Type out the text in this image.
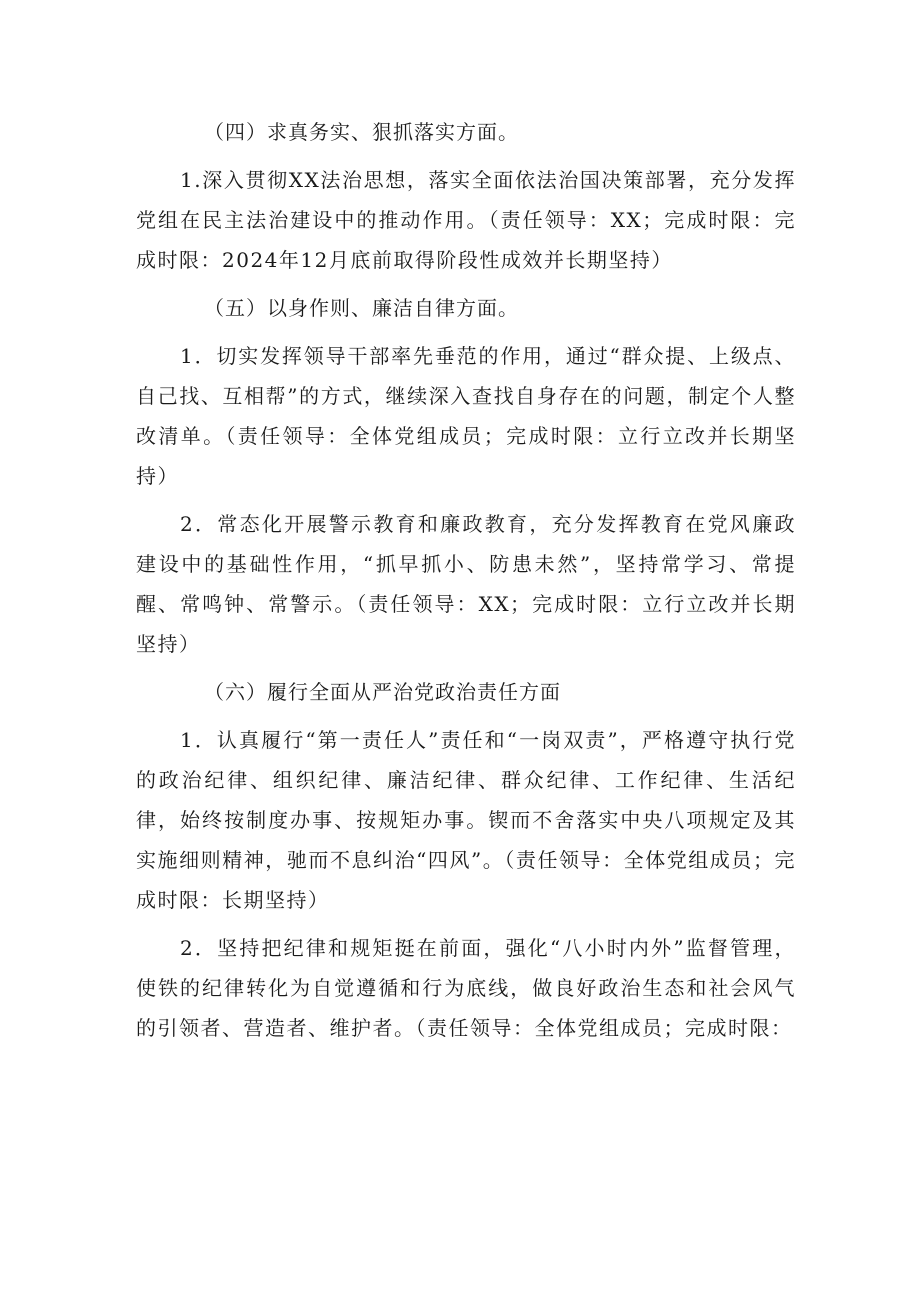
（四）求真务实、狠抓落实方面。

1.深入贯彻XX法治思想，落实全面依法治国决策部署，充分发挥党组在民主法治建设中的推动作用。（责任领导：XX；完成时限：完成时限：2024年12月底前取得阶段性成效并长期坚持）

（五）以身作则、廉洁自律方面。

1．切实发挥领导干部率先垂范的作用，通过“群众提、上级点、自己找、互相帮”的方式，继续深入查找自身存在的问题，制定个人整改清单。（责任领导：全体党组成员；完成时限：立行立改并长期坚持）

2．常态化开展警示教育和廉政教育，充分发挥教育在党风廉政建设中的基础性作用，“抓早抓小、防患未然”，坚持常学习、常提醒、常鸣钟、常警示。（责任领导：XX；完成时限：立行立改并长期坚持）

（六）履行全面从严治党政治责任方面

1．认真履行“第一责任人”责任和“一岗双责”，严格遵守执行党的政治纪律、组织纪律、廉洁纪律、群众纪律、工作纪律、生活纪律，始终按制度办事、按规矩办事。锲而不舍落实中央八项规定及其实施细则精神，驰而不息纠治“四风”。（责任领导：全体党组成员；完成时限：长期坚持）

2．坚持把纪律和规矩挺在前面，强化“八小时内外”监督管理，使铁的纪律转化为自觉遵循和行为底线，做良好政治生态和社会风气的引领者、营造者、维护者。（责任领导：全体党组成员；完成时限：
